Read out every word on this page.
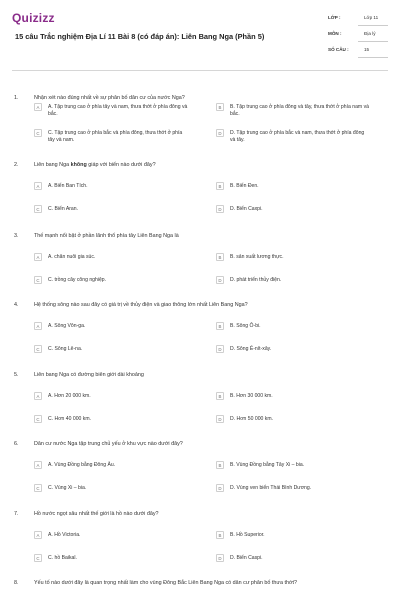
Quizizz
15 câu Trắc nghiệm Địa Lí 11 Bài 8 (có đáp án): Liên Bang Nga (Phần 5)
LỚP :	Lớp 11
MÔN :	Địa lý
SỐ CÂU :	15
1.	Nhận xét nào đúng nhất về sự phân bố dân cư của nước Nga?
A	A. Tập trung cao ở phía tây và nam, thưa thớt ở phía đông và bắc.
B	B. Tập trung cao ở phía đông và tây, thưa thớt ở phía nam và bắc.
C	C. Tập trung cao ở phía bắc và phía đông, thưa thớt ở phía tây và nam.
D	D. Tập trung cao ở phía bắc và nam, thưa thớt ở phía đông và tây.
2.	Liên bang Nga không giáp với biển nào dưới đây?
A	A. Biển Ban Tích.	B	B. Biển Đen.
C	C. Biển Aran.	D	D. Biển Caxpi.
3.	Thế mạnh nổi bật ở phần lãnh thổ phía tây Liên Bang Nga là
A	A. chăn nuôi gia súc.	B	B. sản xuất lương thực.
C	C. trồng cây công nghiệp.	D	D. phát triển thủy điện.
4.	Hệ thống sông nào sau đây có giá trị về thủy điện và giao thông lớn nhất Liên Bang Nga?
A	A. Sông Vôn-ga.	B	B. Sông Ô-bi.
C	C. Sông Lê-na.	D	D. Sông Ê-nít-xây.
5.	Liên bang Nga có đường biên giới dài khoảng
A	A. Hơn 20 000 km.	B	B. Hơn 30 000 km.
C	C. Hơn 40 000 km.	D	D. Hơn 50 000 km.
6.	Dân cư nước Nga tập trung chủ yếu ở khu vực nào dưới đây?
A	A. Vùng Đồng bằng Đông Âu.	B	B. Vùng Đồng bằng Tây Xi – bia.
C	C. Vùng Xi – bia.	D	D. Vùng ven biển Thái Bình Dương.
7.	Hồ nước ngọt sâu nhất thế giới là hồ nào dưới đây?
A	A. Hồ Victoria.	B	B. Hồ Superior.
C	C. hồ Baikal.	D	D. Biển Caspi.
8.	Yếu tố nào dưới đây là quan trọng nhất làm cho vùng Đông Bắc Liên Bang Nga có dân cư phân bố thưa thớt?
